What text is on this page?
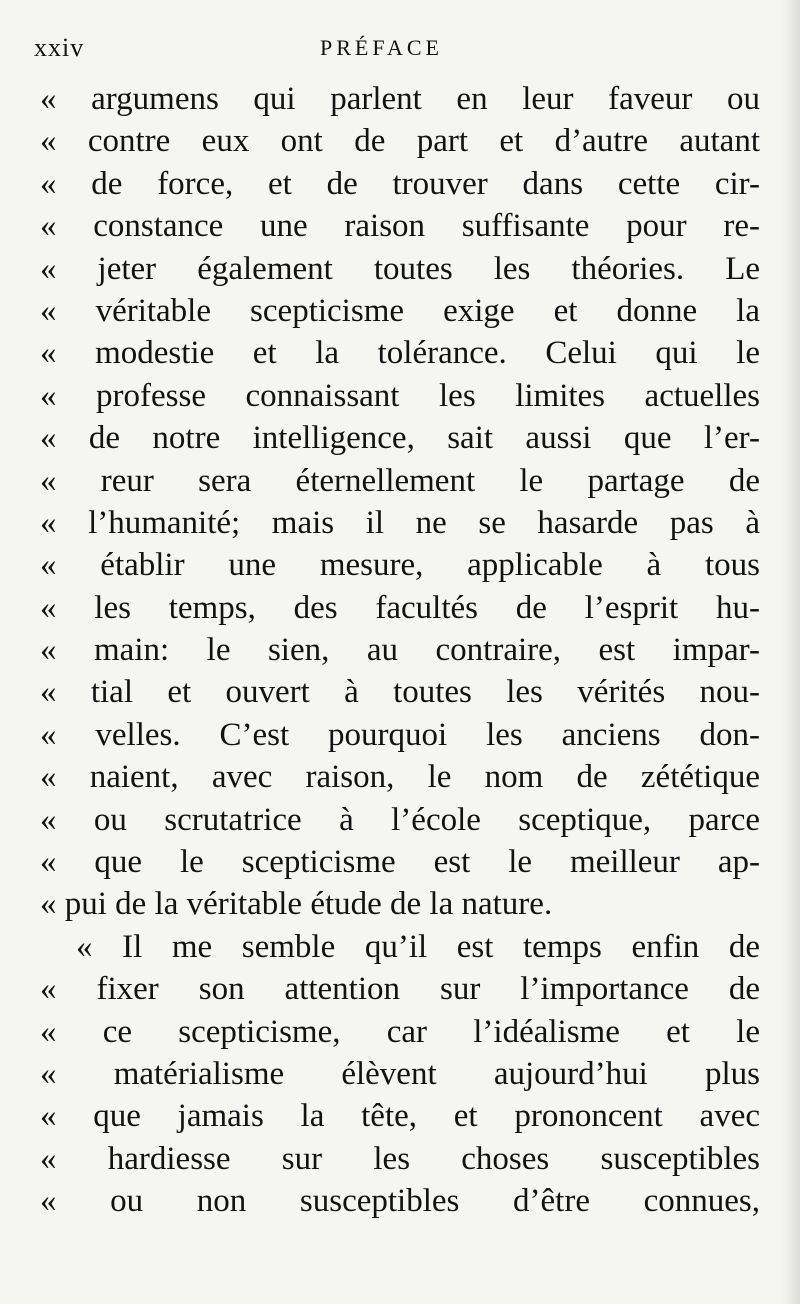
xxiv	PRÉFACE
« argumens qui parlent en leur faveur ou
« contre eux ont de part et d’autre autant
« de force, et de trouver dans cette cir-
« constance une raison suffisante pour re-
« jeter également toutes les théories. Le
« véritable scepticisme exige et donne la
« modestie et la tolérance. Celui qui le
« professe connaissant les limites actuelles
« de notre intelligence, sait aussi que l’er-
« reur sera éternellement le partage de
« l’humanité; mais il ne se hasarde pas à
« établir une mesure, applicable à tous
« les temps, des facultés de l’esprit hu-
« main: le sien, au contraire, est impar-
« tial et ouvert à toutes les vérités nou-
« velles. C’est pourquoi les anciens don-
« naient, avec raison, le nom de zététique
« ou scrutatrice à l’école sceptique, parce
« que le scepticisme est le meilleur ap-
« pui de la véritable étude de la nature.
« Il me semble qu’il est temps enfin de
« fixer son attention sur l’importance de
« ce scepticisme, car l’idéalisme et le
« matérialisme élèvent aujourd’hui plus
« que jamais la tête, et prononcent avec
« hardiesse sur les choses susceptibles
« ou non susceptibles d’être connues,
